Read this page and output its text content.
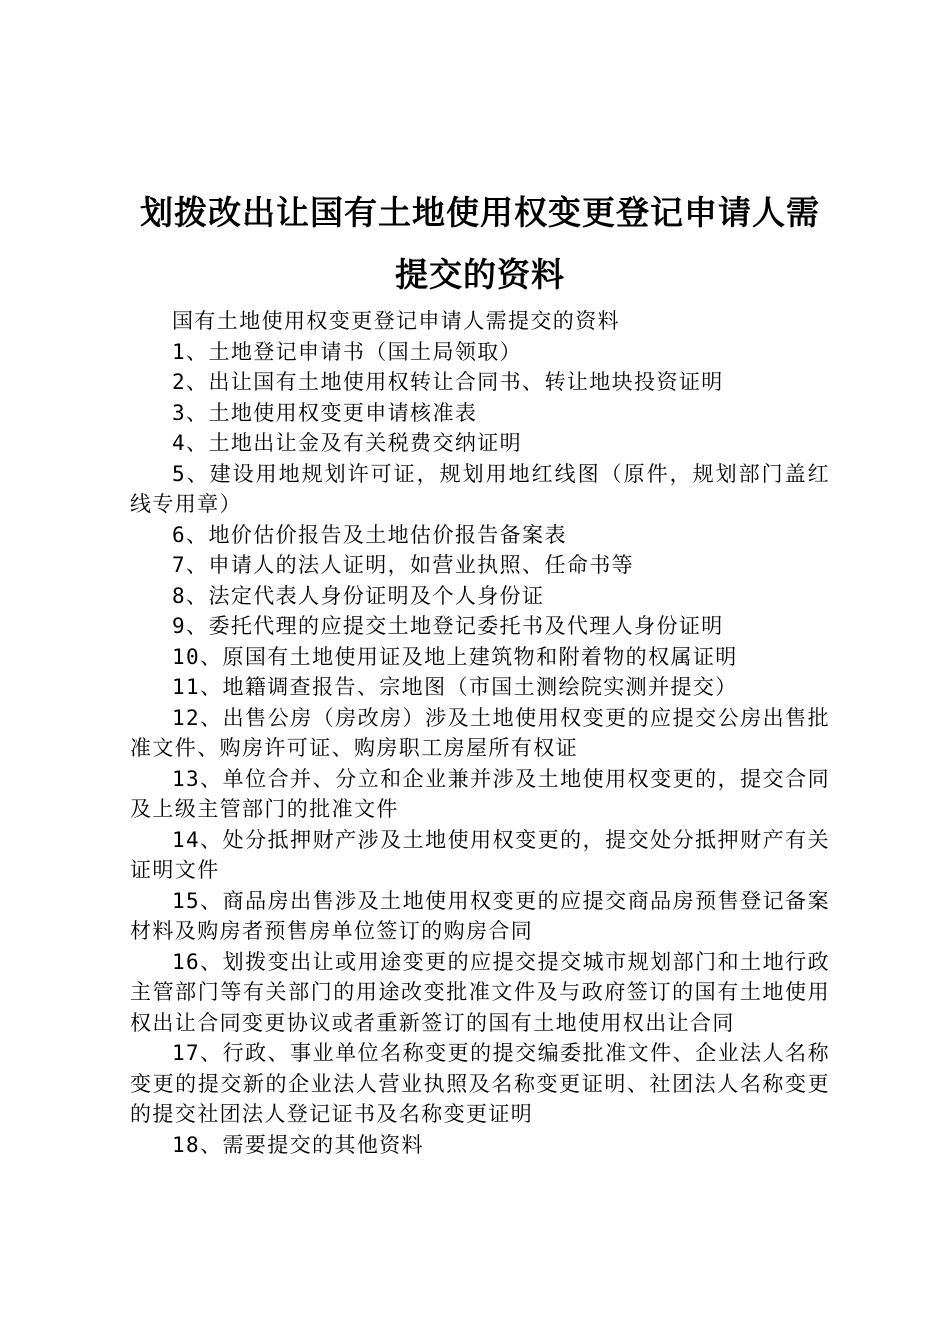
划拨改出让国有土地使用权变更登记申请人需提交的资料

国有土地使用权变更登记申请人需提交的资料

1、土地登记申请书（国土局领取）

2、出让国有土地使用权转让合同书、转让地块投资证明

3、土地使用权变更申请核准表

4、土地出让金及有关税费交纳证明

5、建设用地规划许可证，规划用地红线图（原件，规划部门盖红线专用章）

6、地价估价报告及土地估价报告备案表

7、申请人的法人证明，如营业执照、任命书等

8、法定代表人身份证明及个人身份证

9、委托代理的应提交土地登记委托书及代理人身份证明

10、原国有土地使用证及地上建筑物和附着物的权属证明

11、地籍调查报告、宗地图（市国土测绘院实测并提交）

12、出售公房（房改房）涉及土地使用权变更的应提交公房出售批准文件、购房许可证、购房职工房屋所有权证

13、单位合并、分立和企业兼并涉及土地使用权变更的，提交合同及上级主管部门的批准文件

14、处分抵押财产涉及土地使用权变更的，提交处分抵押财产有关证明文件

15、商品房出售涉及土地使用权变更的应提交商品房预售登记备案材料及购房者预售房单位签订的购房合同

16、划拨变出让或用途变更的应提交提交城市规划部门和土地行政主管部门等有关部门的用途改变批准文件及与政府签订的国有土地使用权出让合同变更协议或者重新签订的国有土地使用权出让合同

17、行政、事业单位名称变更的提交编委批准文件、企业法人名称变更的提交新的企业法人营业执照及名称变更证明、社团法人名称变更的提交社团法人登记证书及名称变更证明

18、需要提交的其他资料
